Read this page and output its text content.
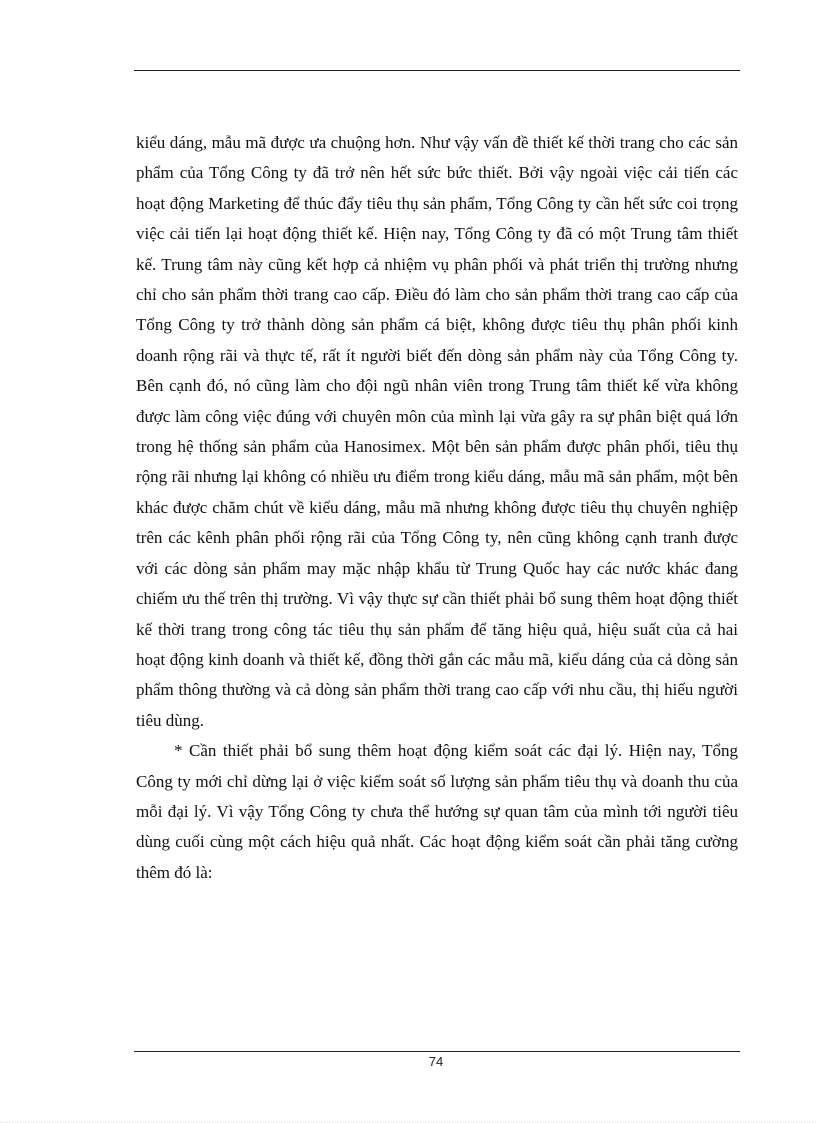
kiểu dáng, mẫu mã được ưa chuộng hơn. Như vậy vấn đề thiết kế thời trang cho các sản phẩm của Tổng Công ty đã trở nên hết sức bức thiết. Bởi vậy ngoài việc cải tiến các hoạt động Marketing để thúc đẩy tiêu thụ sản phẩm, Tổng Công ty cần hết sức coi trọng việc cải tiến lại hoạt động thiết kế. Hiện nay, Tổng Công ty đã có một Trung tâm thiết kế. Trung tâm này cũng kết hợp cả nhiệm vụ phân phối và phát triển thị trường nhưng chỉ cho sản phẩm thời trang cao cấp. Điều đó làm cho sản phẩm thời trang cao cấp của Tổng Công ty trở thành dòng sản phẩm cá biệt, không được tiêu thụ phân phối kinh doanh rộng rãi và thực tế, rất ít người biết đến dòng sản phẩm này của Tổng Công ty. Bên cạnh đó, nó cũng làm cho đội ngũ nhân viên trong Trung tâm thiết kế vừa không được làm công việc đúng với chuyên môn của mình lại vừa gây ra sự phân biệt quá lớn trong hệ thống sản phẩm của Hanosimex. Một bên sản phẩm được phân phối, tiêu thụ rộng rãi nhưng lại không có nhiều ưu điểm trong kiểu dáng, mẫu mã sản phẩm, một bên khác được chăm chút về kiểu dáng, mẫu mã nhưng không được tiêu thụ chuyên nghiệp trên các kênh phân phối rộng rãi của Tổng Công ty, nên cũng không cạnh tranh được với các dòng sản phẩm may mặc nhập khẩu từ Trung Quốc hay các nước khác đang chiếm ưu thế trên thị trường. Vì vậy thực sự cần thiết phải bổ sung thêm hoạt động thiết kế thời trang trong công tác tiêu thụ sản phẩm để tăng hiệu quả, hiệu suất của cả hai hoạt động kinh doanh và thiết kế, đồng thời gắn các mẫu mã, kiểu dáng của cả dòng sản phẩm thông thường và cả dòng sản phẩm thời trang cao cấp với nhu cầu, thị hiếu người tiêu dùng.

* Cần thiết phải bổ sung thêm hoạt động kiểm soát các đại lý. Hiện nay, Tổng Công ty mới chỉ dừng lại ở việc kiểm soát số lượng sản phẩm tiêu thụ và doanh thu của mỗi đại lý. Vì vậy Tổng Công ty chưa thể hướng sự quan tâm của mình tới người tiêu dùng cuối cùng một cách hiệu quả nhất. Các hoạt động kiểm soát cần phải tăng cường thêm đó là:

74
